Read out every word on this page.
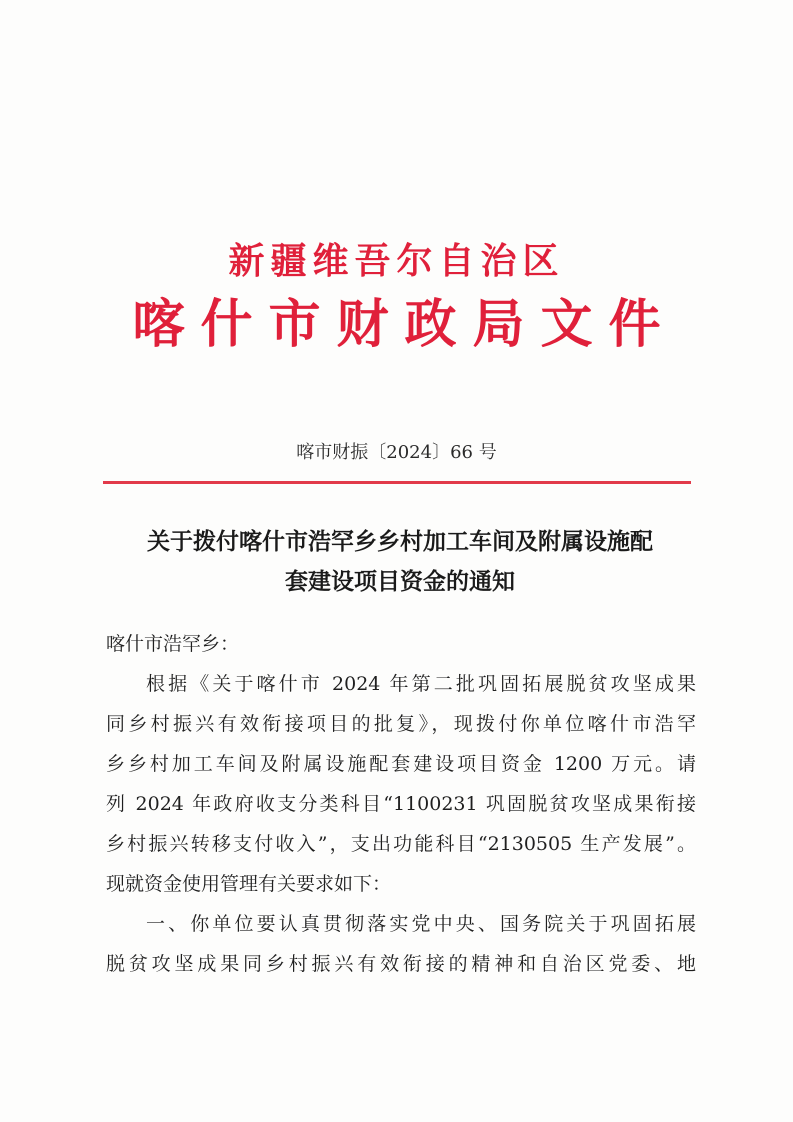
新疆维吾尔自治区
喀什市财政局文件
喀市财振〔2024〕66 号
关于拨付喀什市浩罕乡乡村加工车间及附属设施配
套建设项目资金的通知
喀什市浩罕乡：
根据《关于喀什市 2024 年第二批巩固拓展脱贫攻坚成果
同乡村振兴有效衔接项目的批复》，现拨付你单位喀什市浩罕
乡乡村加工车间及附属设施配套建设项目资金 1200 万元。请
列 2024 年政府收支分类科目“1100231 巩固脱贫攻坚成果衔接
乡村振兴转移支付收入”，支出功能科目“2130505 生产发展”。
现就资金使用管理有关要求如下：
一、你单位要认真贯彻落实党中央、国务院关于巩固拓展
脱贫攻坚成果同乡村振兴有效衔接的精神和自治区党委、地
